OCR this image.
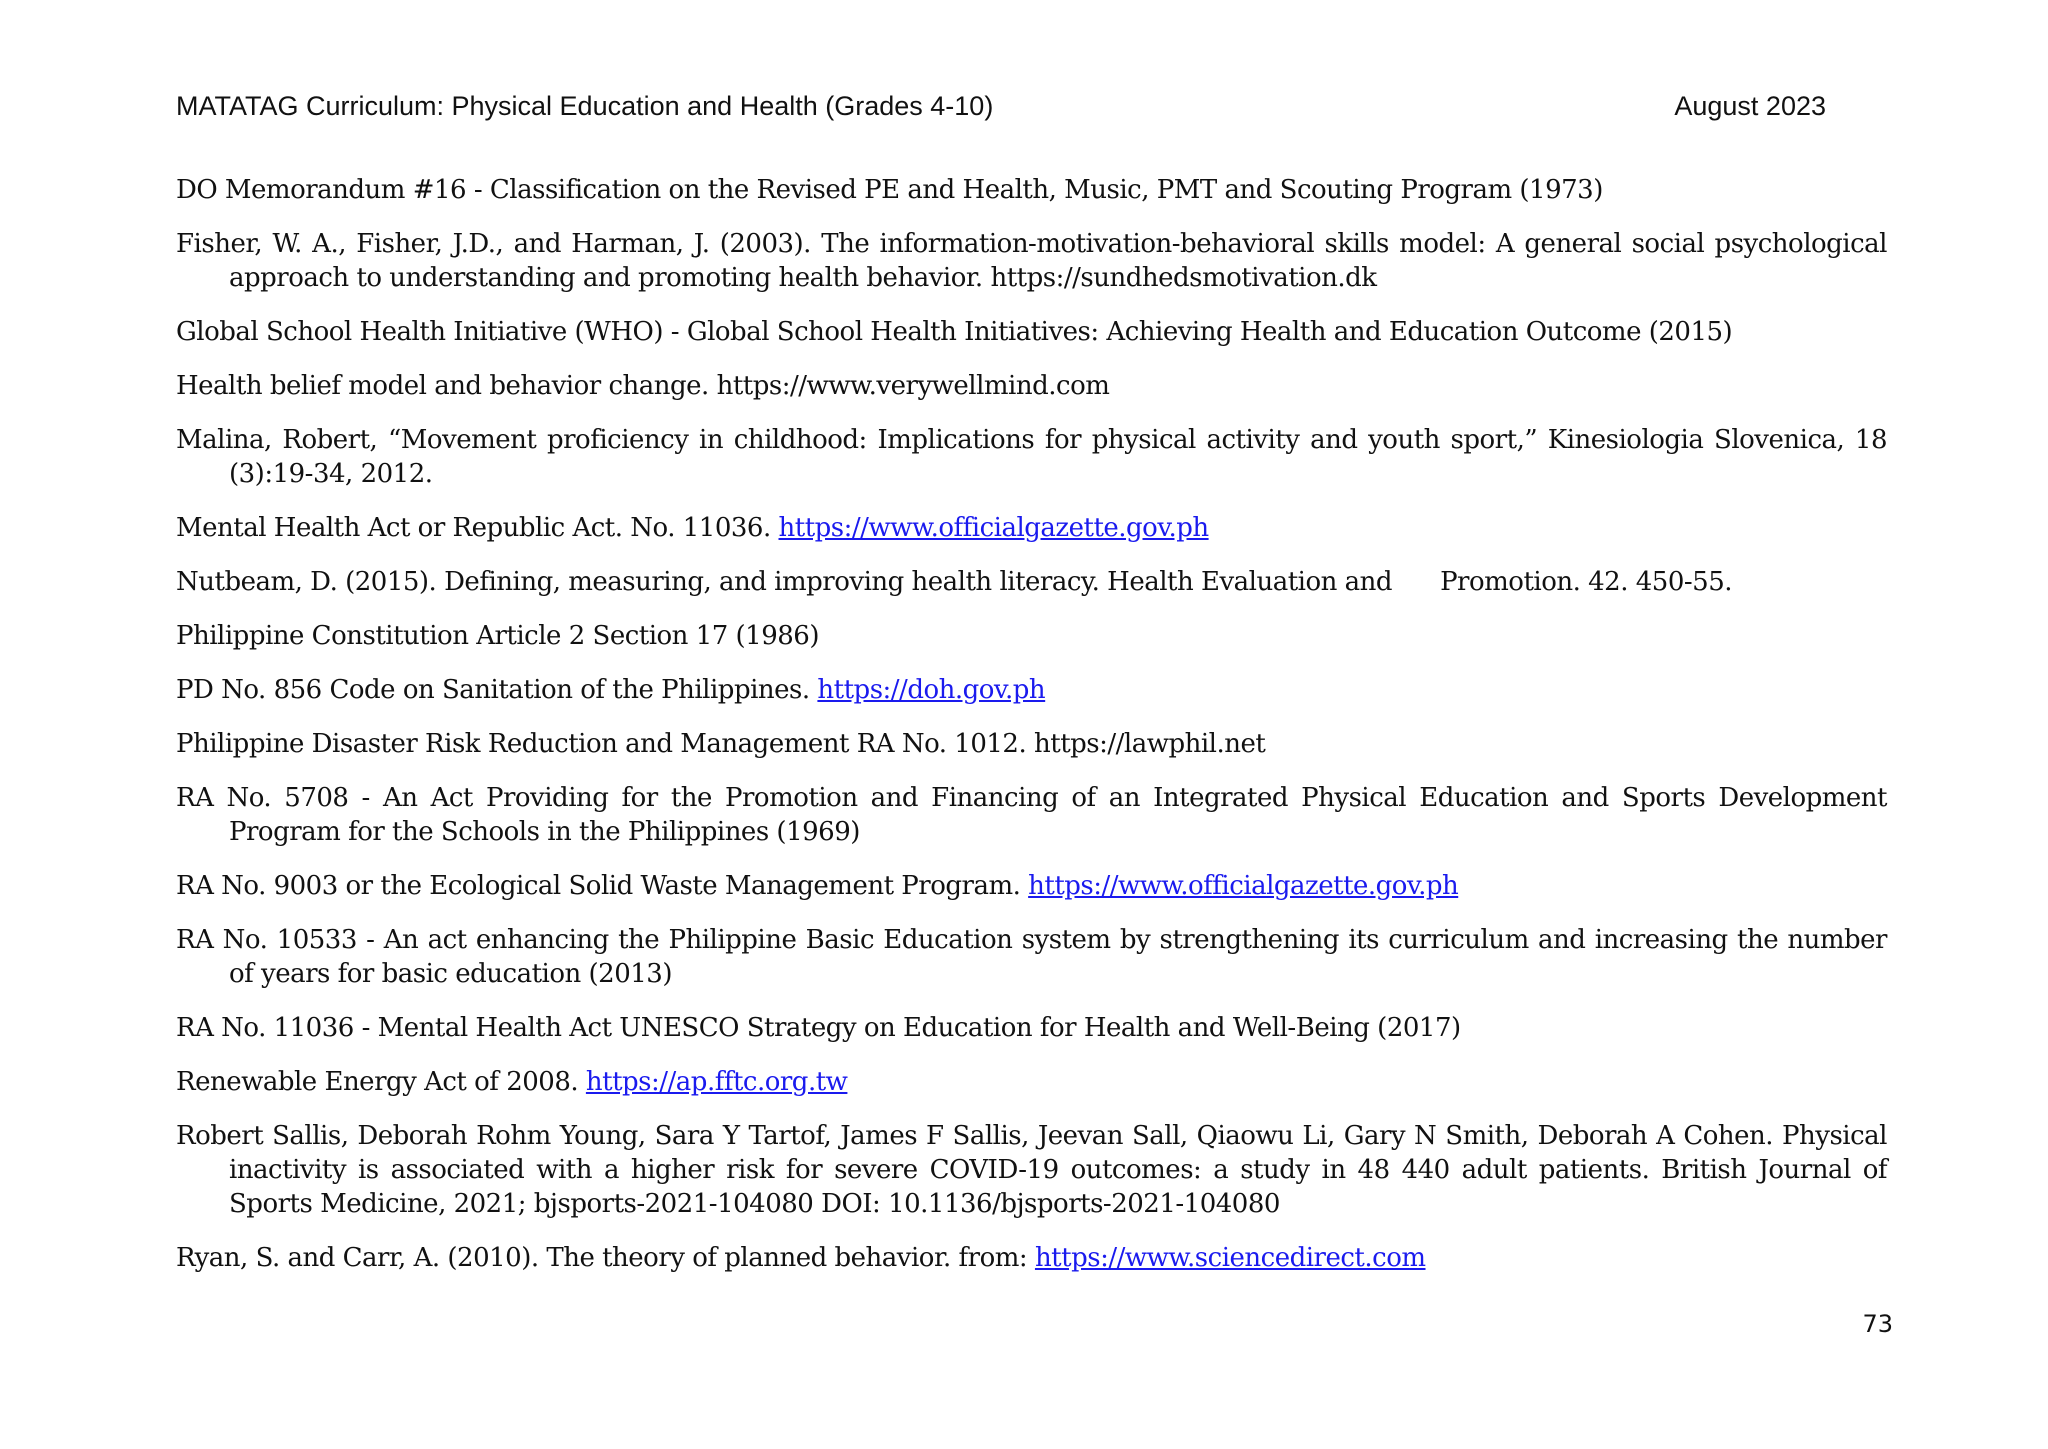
MATATAG Curriculum: Physical Education and Health (Grades 4-10)	August 2023
DO Memorandum #16 - Classification on the Revised PE and Health, Music, PMT and Scouting Program (1973)
Fisher, W. A., Fisher, J.D., and Harman, J. (2003). The information-motivation-behavioral skills model: A general social psychological approach to understanding and promoting health behavior. https://sundhedsmotivation.dk
Global School Health Initiative (WHO) - Global School Health Initiatives: Achieving Health and Education Outcome (2015)
Health belief model and behavior change. https://www.verywellmind.com
Malina, Robert, “Movement proficiency in childhood: Implications for physical activity and youth sport,” Kinesiologia Slovenica, 18 (3):19-34, 2012.
Mental Health Act or Republic Act. No. 11036. https://www.officialgazette.gov.ph
Nutbeam, D. (2015). Defining, measuring, and improving health literacy. Health Evaluation and Promotion. 42. 450-55.
Philippine Constitution Article 2 Section 17 (1986)
PD No. 856 Code on Sanitation of the Philippines. https://doh.gov.ph
Philippine Disaster Risk Reduction and Management RA No. 1012. https://lawphil.net
RA No. 5708 - An Act Providing for the Promotion and Financing of an Integrated Physical Education and Sports Development Program for the Schools in the Philippines (1969)
RA No. 9003 or the Ecological Solid Waste Management Program. https://www.officialgazette.gov.ph
RA No. 10533 - An act enhancing the Philippine Basic Education system by strengthening its curriculum and increasing the number of years for basic education (2013)
RA No. 11036 - Mental Health Act UNESCO Strategy on Education for Health and Well-Being (2017)
Renewable Energy Act of 2008. https://ap.fftc.org.tw
Robert Sallis, Deborah Rohm Young, Sara Y Tartof, James F Sallis, Jeevan Sall, Qiaowu Li, Gary N Smith, Deborah A Cohen. Physical inactivity is associated with a higher risk for severe COVID-19 outcomes: a study in 48 440 adult patients. British Journal of Sports Medicine, 2021; bjsports-2021-104080 DOI: 10.1136/bjsports-2021-104080
Ryan, S. and Carr, A. (2010). The theory of planned behavior. from: https://www.sciencedirect.com
73
